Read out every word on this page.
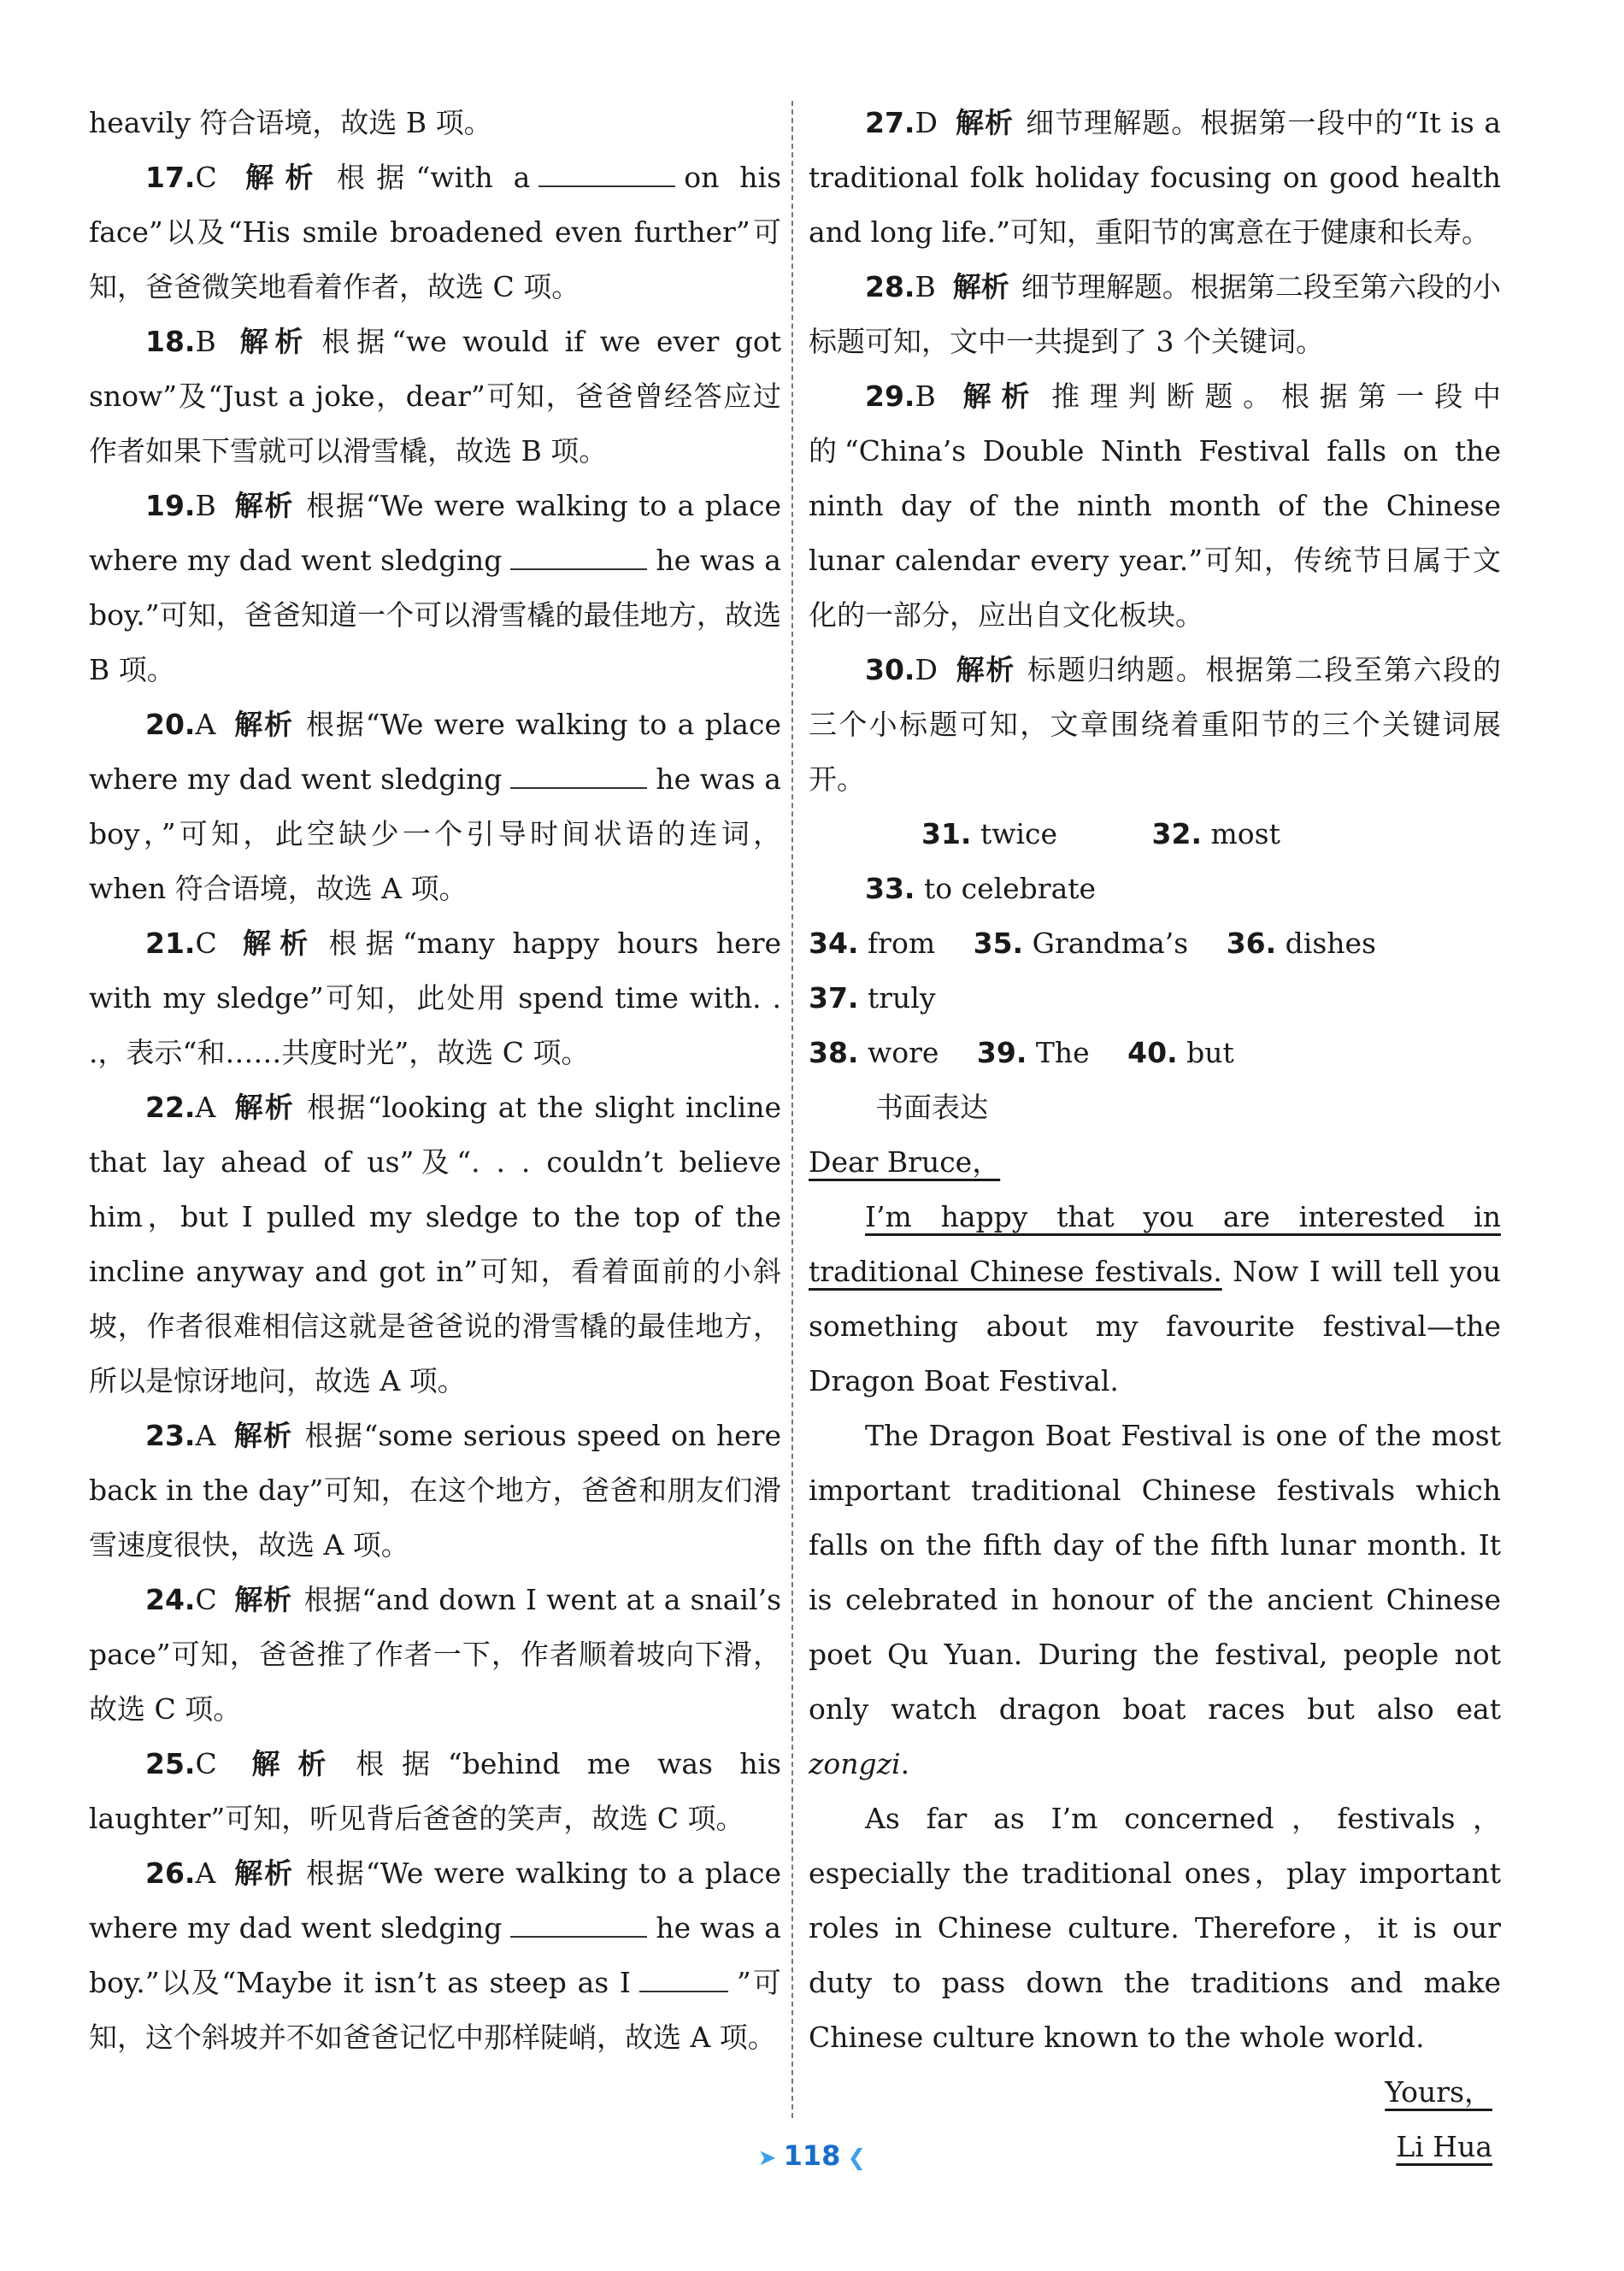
heavily 符合语境，故选 B 项。

17.C 解析 根据“with a	on his face”以及“His smile broadened even further”可知，爸爸微笑地看着作者，故选 C 项。

18.B 解析 根据“we would if we ever got snow”及“Just a joke，dear”可知，爸爸曾经答应过作者如果下雪就可以滑雪橇，故选 B 项。

19.B 解析 根据“We were walking to a place where my dad went sledging	he was a boy.”可知，爸爸知道一个可以滑雪橇的最佳地方，故选 B 项。

20.A 解析 根据“We were walking to a place where my dad went sledging	he was a boy，”可知，此空缺少一个引导时间状语的连词，when 符合语境，故选 A 项。

21.C 解析 根据“many happy hours here with my sledge”可知，此处用 spend time with. . .，表示“和……共度时光”，故选 C 项。

22.A 解析 根据“looking at the slight incline that lay ahead of us”及“. . . couldn’t believe him，but I pulled my sledge to the top of the incline anyway and got in”可知，看着面前的小斜坡，作者很难相信这就是爸爸说的滑雪橇的最佳地方，所以是惊讶地问，故选 A 项。

23.A 解析 根据“some serious speed on here back in the day”可知，在这个地方，爸爸和朋友们滑雪速度很快，故选 A 项。

24.C 解析 根据“and down I went at a snail’s pace”可知，爸爸推了作者一下，作者顺着坡向下滑，故选 C 项。

25.C 解析 根据“behind me was his laughter”可知，听见背后爸爸的笑声，故选 C 项。

26.A 解析 根据“We were walking to a place where my dad went sledging	he was a boy.”以及“Maybe it isn’t as steep as I	”可知，这个斜坡并不如爸爸记忆中那样陡峭，故选 A 项。

27.D 解析 细节理解题。根据第一段中的“It is a traditional folk holiday focusing on good health and long life.”可知，重阳节的寓意在于健康和长寿。

28.B 解析 细节理解题。根据第二段至第六段的小标题可知，文中一共提到了 3 个关键词。

29.B 解析 推理判断题。根据第一段中的“China’s Double Ninth Festival falls on the ninth day of the ninth month of the Chinese lunar calendar every year.”可知，传统节日属于文化的一部分，应出自文化板块。

30.D 解析 标题归纳题。根据第二段至第六段的三个小标题可知，文章围绕着重阳节的三个关键词展开。

31. twice	32. most 33. to celebrate

34. from 35. Grandma’s 36. dishes 37. truly

38. wore 39. The 40. but

书面表达

Dear Bruce，

I’m happy that you are interested in traditional Chinese festivals. Now I will tell you something about my favourite festival—the Dragon Boat Festival.

The Dragon Boat Festival is one of the most important traditional Chinese festivals which falls on the fifth day of the fifth lunar month. It is celebrated in honour of the ancient Chinese poet Qu Yuan. During the festival, people not only watch dragon boat races but also eat zongzi.

As far as I’m concerned，festivals，especially the traditional ones，play important roles in Chinese culture. Therefore，it is our duty to pass down the traditions and make Chinese culture known to the whole world.

Yours，

Li Hua

➤ 118 ❮
